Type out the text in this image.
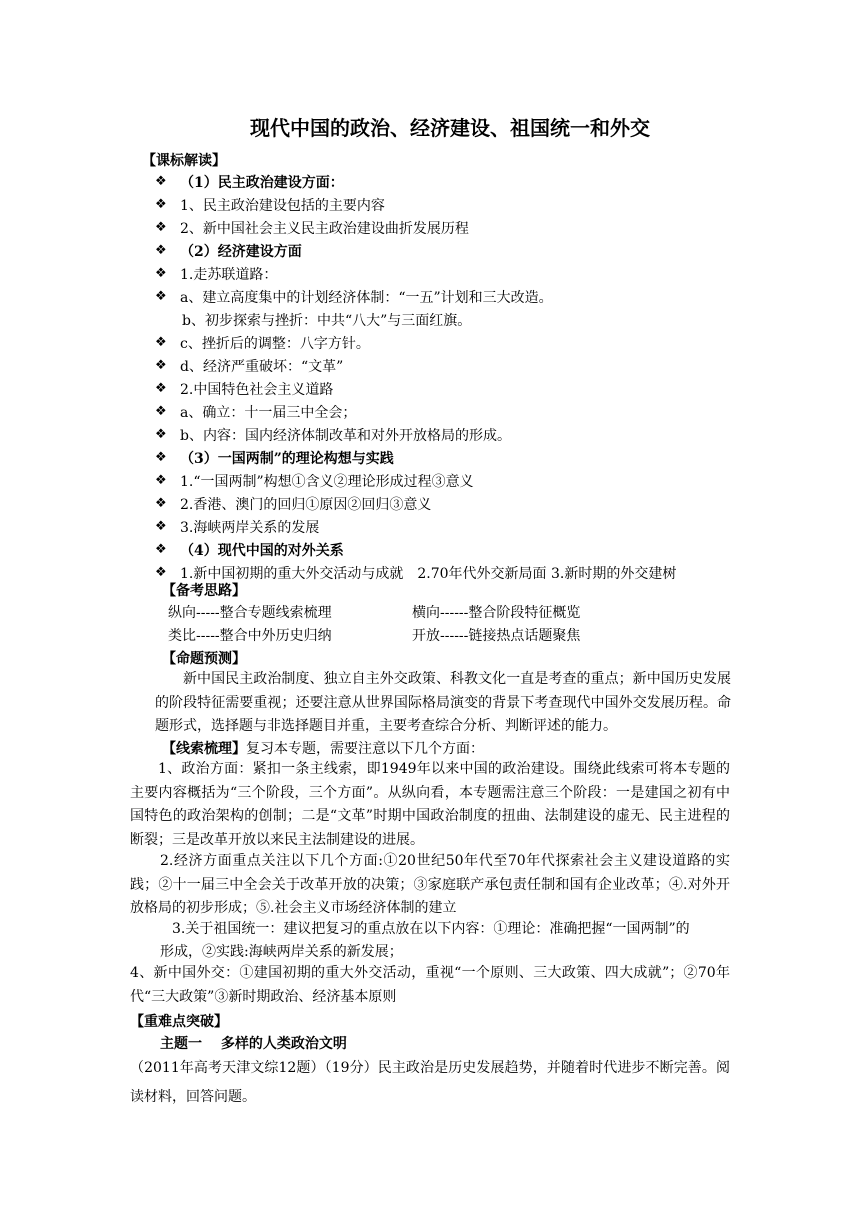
现代中国的政治、经济建设、祖国统一和外交
【课标解读】
❖ （1）民主政治建设方面：
❖ 1、民主政治建设包括的主要内容
❖ 2、新中国社会主义民主政治建设曲折发展历程
❖ （2）经济建设方面
❖ 1.走苏联道路：
❖ a、建立高度集中的计划经济体制：“一五”计划和三大改造。
b、初步探索与挫折：中共“八大”与三面红旗。
❖ c、挫折后的调整：八字方针。
❖ d、经济严重破坏：“文革”
❖ 2.中国特色社会主义道路
❖ a、确立：十一届三中全会；
❖ b、内容：国内经济体制改革和对外开放格局的形成。
❖ （3）一国两制”的理论构想与实践
❖ 1.“一国两制”构想①含义②理论形成过程③意义
❖ 2.香港、澳门的回归①原因②回归③意义
❖ 3.海峡两岸关系的发展
❖ （4）现代中国的对外关系
❖ 1.新中国初期的重大外交活动与成就　2.70年代外交新局面 3.新时期的外交建树
【备考思路】
纵向-----整合专题线索梳理	横向------整合阶段特征概览
类比-----整合中外历史归纳	开放------链接热点话题聚焦
【命题预测】
新中国民主政治制度、独立自主外交政策、科教文化一直是考查的重点；新中国历史发展的阶段特征需要重视；还要注意从世界国际格局演变的背景下考查现代中国外交发展历程。命题形式，选择题与非选择题目并重，主要考查综合分析、判断评述的能力。
【线索梳理】复习本专题，需要注意以下几个方面：
1、政治方面：紧扣一条主线索，即1949年以来中国的政治建设。围绕此线索可将本专题的主要内容概括为“三个阶段，三个方面”。从纵向看，本专题需注意三个阶段：一是建国之初有中国特色的政治架构的创制；二是“文革”时期中国政治制度的扭曲、法制建设的虚无、民主进程的断裂；三是改革开放以来民主法制建设的进展。
2.经济方面重点关注以下几个方面:①20世纪50年代至70年代探索社会主义建设道路的实践；②十一届三中全会关于改革开放的决策；③家庭联产承包责任制和国有企业改革；④.对外开放格局的初步形成；⑤.社会主义市场经济体制的建立
3.关于祖国统一：建议把复习的重点放在以下内容：①理论：准确把握“一国两制”的
形成，②实践:海峡两岸关系的新发展；
4、新中国外交：①建国初期的重大外交活动，重视“一个原则、三大政策、四大成就”；②70年代“三大政策”③新时期政治、经济基本原则
【重难点突破】
主题一　 多样的人类政治文明
（2011年高考天津文综12题）（19分）民主政治是历史发展趋势，并随着时代进步不断完善。阅读材料，回答问题。
